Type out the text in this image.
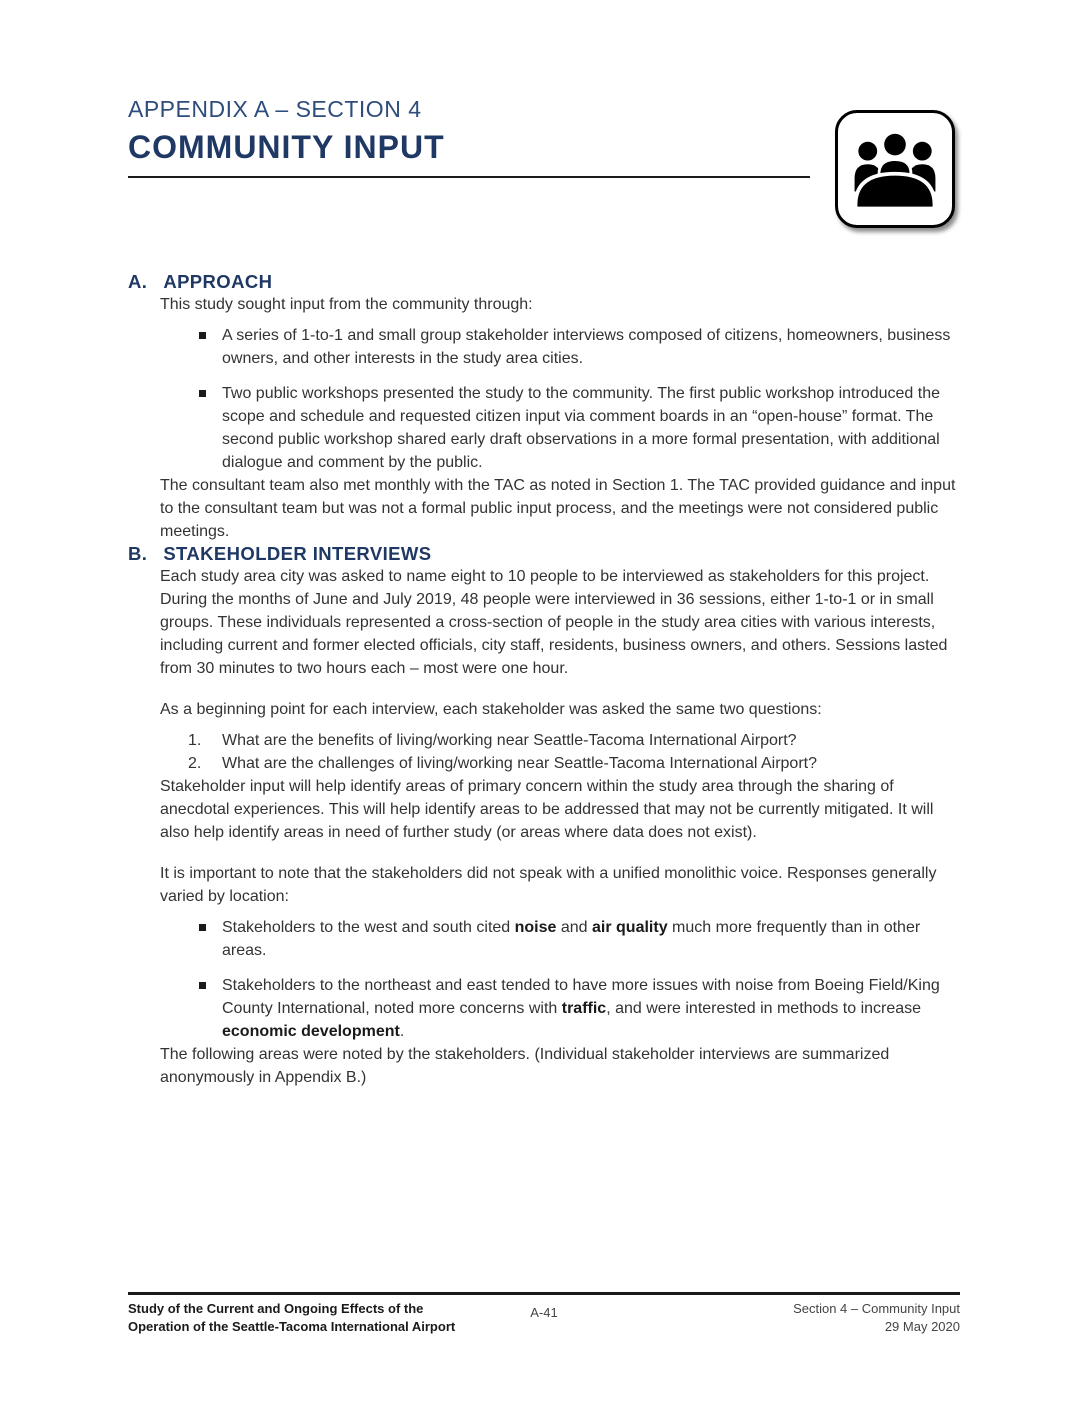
APPENDIX A – SECTION 4
COMMUNITY INPUT
A. APPROACH

This study sought input from the community through:

A series of 1-to-1 and small group stakeholder interviews composed of citizens, homeowners, business owners, and other interests in the study area cities.
Two public workshops presented the study to the community. The first public workshop introduced the scope and schedule and requested citizen input via comment boards in an “open-house” format. The second public workshop shared early draft observations in a more formal presentation, with additional dialogue and comment by the public.

The consultant team also met monthly with the TAC as noted in Section 1. The TAC provided guidance and input to the consultant team but was not a formal public input process, and the meetings were not considered public meetings.

B. STAKEHOLDER INTERVIEWS

Each study area city was asked to name eight to 10 people to be interviewed as stakeholders for this project. During the months of June and July 2019, 48 people were interviewed in 36 sessions, either 1-to-1 or in small groups. These individuals represented a cross-section of people in the study area cities with various interests, including current and former elected officials, city staff, residents, business owners, and others. Sessions lasted from 30 minutes to two hours each – most were one hour.

As a beginning point for each interview, each stakeholder was asked the same two questions:

1. What are the benefits of living/working near Seattle-Tacoma International Airport?
2. What are the challenges of living/working near Seattle-Tacoma International Airport?

Stakeholder input will help identify areas of primary concern within the study area through the sharing of anecdotal experiences. This will help identify areas to be addressed that may not be currently mitigated. It will also help identify areas in need of further study (or areas where data does not exist).

It is important to note that the stakeholders did not speak with a unified monolithic voice. Responses generally varied by location:

Stakeholders to the west and south cited noise and air quality much more frequently than in other areas.
Stakeholders to the northeast and east tended to have more issues with noise from Boeing Field/King County International, noted more concerns with traffic, and were interested in methods to increase economic development.

The following areas were noted by the stakeholders. (Individual stakeholder interviews are summarized anonymously in Appendix B.)

Study of the Current and Ongoing Effects of the
Operation of the Seattle-Tacoma International Airport
A-41	Section 4 – Community Input
29 May 2020
